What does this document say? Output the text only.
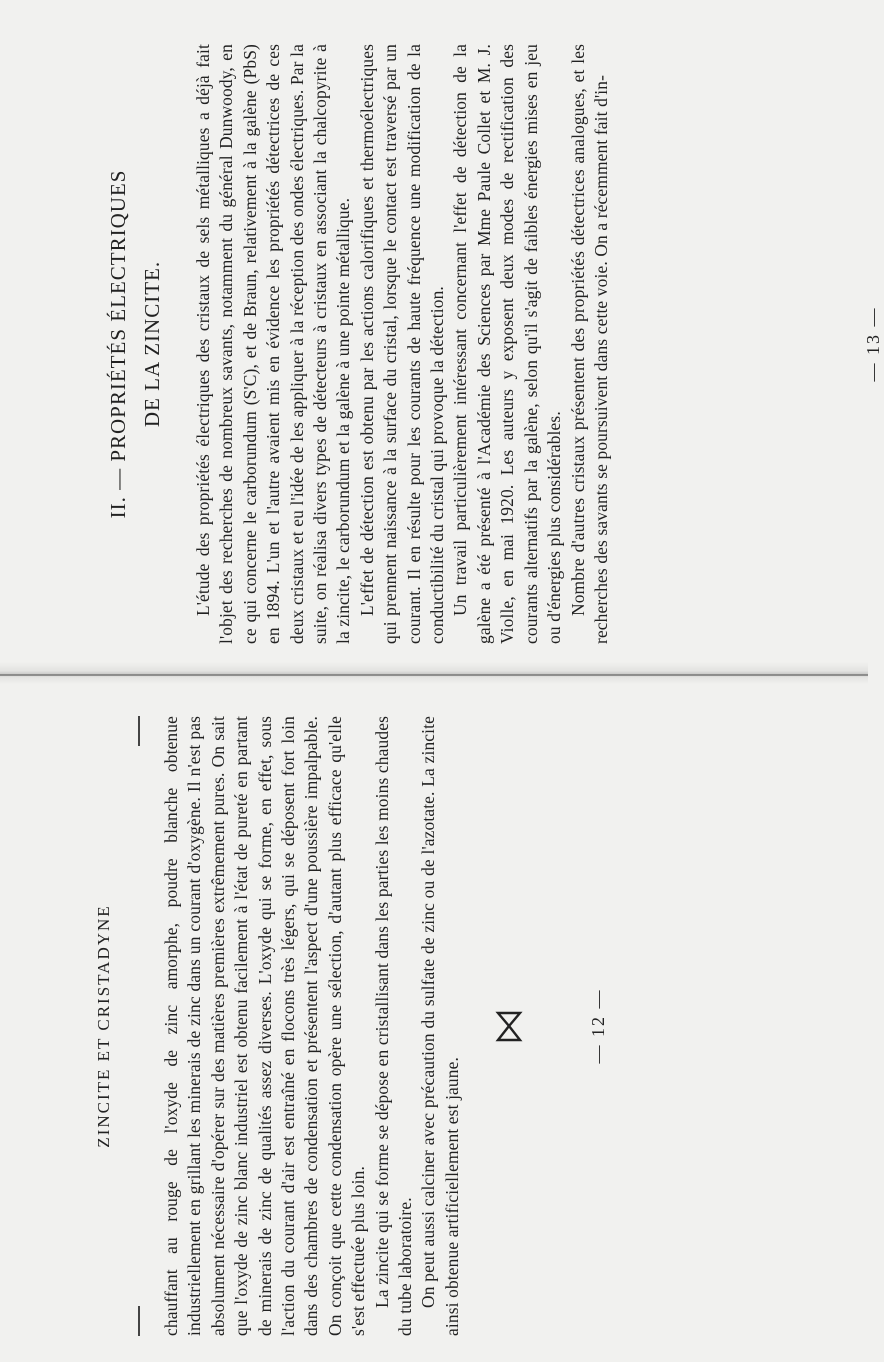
II. — PROPRIÉTÉS ÉLECTRIQUES DE LA ZINCITE. L'étude des propriétés électriques des cristaux de sels métalliques a déjà fait l'objet des recherches de nombreux savants, notamment du général Dunwoody, en ce qui concerne le carborundum (S'C), et de Braun, relativement à la galène (PbS) en 1894. L'un et l'autre avaient mis en évidence les propriétés détectrices de ces deux cristaux et eu l'idée de les appliquer à la réception des ondes électriques. Par la suite, on réalisa divers types de détecteurs à cristaux en associant la chalcopyrite à la zincite, le carborundum et la galène à une pointe métallique. L'effet de détection est obtenu par les actions calorifiques et thermoélectriques qui prennent naissance à la surface du cristal, lorsque le contact est traversé par un courant. Il en résulte pour les courants de haute fréquence une modification de la conductibilité du cristal qui provoque la détection. Un travail particulièrement intéressant concernant l'effet de détection de la galène a été présenté à l'Académie des Sciences par Mme Paule Collet et M. J. Violle, en mai 1920. Les auteurs y exposent deux modes de rectification des courants alternatifs par la galène, selon qu'il s'agit de faibles énergies mises en jeu ou d'énergies plus considérables. Nombre d'autres cristaux présentent des propriétés détectrices analogues, et les recherches des savants se poursuivent dans cette voie. On a récemment fait d'in-	— 13 —
ZINCITE ET CRISTADYNE	chauffant au rouge de l'oxyde de zinc amorphe, poudre blanche obtenue industriellement en grillant les minerais de zinc dans un courant d'oxygène. Il n'est pas absolument nécessaire d'opérer sur des matières premières extrêmement pures. On sait que l'oxyde de zinc blanc industriel est obtenu facilement à l'état de pureté en partant de minerais de zinc de qualités assez diverses. L'oxyde qui se forme, en effet, sous l'action du courant d'air est entraîné en flocons très légers, qui se déposent fort loin dans des chambres de condensation et présentent l'aspect d'une poussière impalpable. On conçoit que cette condensation opère une sélection, d'autant plus efficace qu'elle s'est effectuée plus loin. La zincite qui se forme se dépose en cristallisant dans les parties les moins chaudes du tube laboratoire. On peut aussi calciner avec précaution du sulfate de zinc ou de l'azotate. La zincite ainsi obtenue artificiellement est jaune.

— 12 —
